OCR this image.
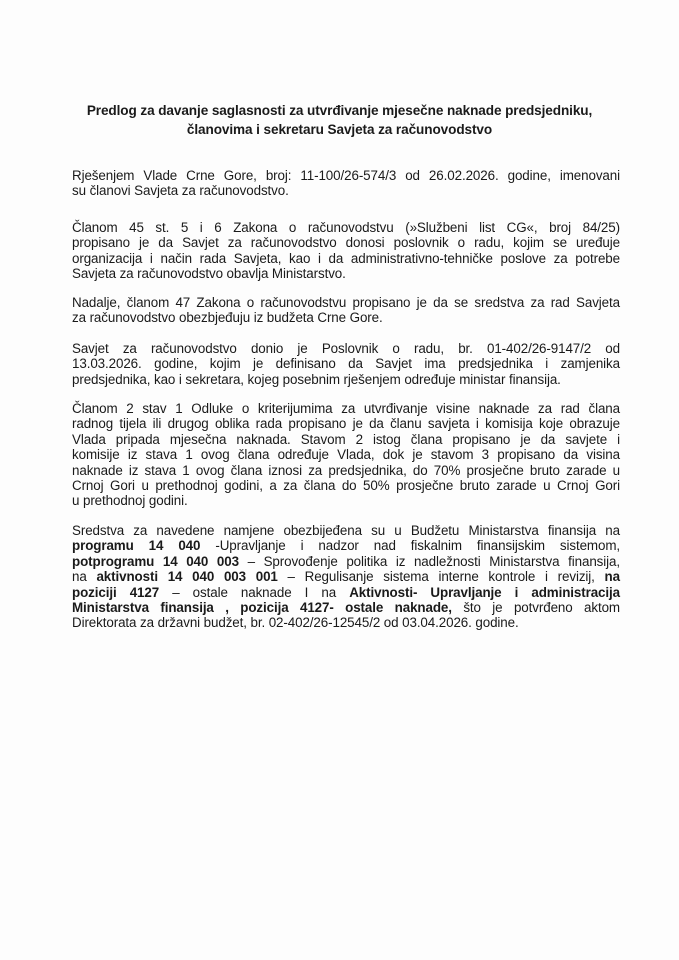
Predlog za davanje saglasnosti za utvrđivanje mjesečne naknade predsjedniku,
članovima i sekretaru Savjeta za računovodstvo
Rješenjem Vlade Crne Gore, broj: 11-100/26-574/3 od 26.02.2026. godine, imenovani
su članovi Savjeta za računovodstvo.
Članom 45 st. 5 i 6 Zakona o računovodstvu (»Službeni list CG«, broj 84/25)
propisano je da Savjet za računovodstvo donosi poslovnik o radu, kojim se uređuje
organizacija i način rada Savjeta, kao i da administrativno-tehničke poslove za potrebe
Savjeta za računovodstvo obavlja Ministarstvo.
Nadalje, članom 47 Zakona o računovodstvu propisano je da se sredstva za rad Savjeta
za računovodstvo obezbjeđuju iz budžeta Crne Gore.
Savjet za računovodstvo donio je Poslovnik o radu, br. 01-402/26-9147/2 od
13.03.2026. godine, kojim je definisano da Savjet ima predsjednika i zamjenika
predsjednika, kao i sekretara, kojeg posebnim rješenjem određuje ministar finansija.
Članom 2 stav 1 Odluke o kriterijumima za utvrđivanje visine naknade za rad člana
radnog tijela ili drugog oblika rada propisano je da članu savjeta i komisija koje obrazuje
Vlada pripada mjesečna naknada. Stavom 2 istog člana propisano je da savjete i
komisije iz stava 1 ovog člana određuje Vlada, dok je stavom 3 propisano da visina
naknade iz stava 1 ovog člana iznosi za predsjednika, do 70% prosječne bruto zarade u
Crnoj Gori u prethodnoj godini, a za člana do 50% prosječne bruto zarade u Crnoj Gori
u prethodnoj godini.
Sredstva za navedene namjene obezbijeđena su u Budžetu Ministarstva finansija na
programu 14 040 -Upravljanje i nadzor nad fiskalnim finansijskim sistemom,
potprogramu 14 040 003 – Sprovođenje politika iz nadležnosti Ministarstva finansija,
na aktivnosti 14 040 003 001 – Regulisanje sistema interne kontrole i revizij, na
poziciji 4127 – ostale naknade I na Aktivnosti- Upravljanje i administracija
Ministarstva finansija , pozicija 4127- ostale naknade, što je potvrđeno aktom
Direktorata za državni budžet, br. 02-402/26-12545/2 od 03.04.2026. godine.
